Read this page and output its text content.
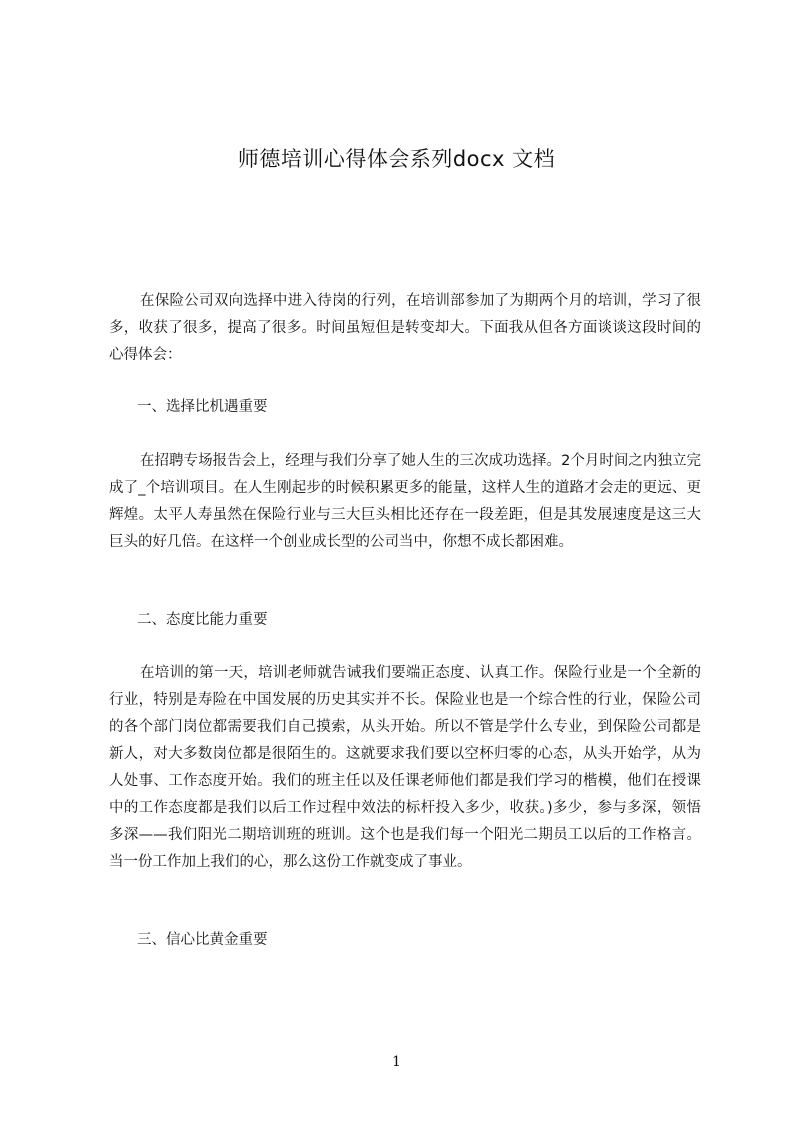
师德培训心得体会系列docx 文档
在保险公司双向选择中进入待岗的行列，在培训部参加了为期两个月的培训，学习了很多，收获了很多，提高了很多。时间虽短但是转变却大。下面我从但各方面谈谈这段时间的心得体会：
一、选择比机遇重要
在招聘专场报告会上，经理与我们分享了她人生的三次成功选择。2个月时间之内独立完成了_个培训项目。在人生刚起步的时候积累更多的能量，这样人生的道路才会走的更远、更辉煌。太平人寿虽然在保险行业与三大巨头相比还存在一段差距，但是其发展速度是这三大巨头的好几倍。在这样一个创业成长型的公司当中，你想不成长都困难。
二、态度比能力重要
在培训的第一天，培训老师就告诫我们要端正态度、认真工作。保险行业是一个全新的行业，特别是寿险在中国发展的历史其实并不长。保险业也是一个综合性的行业，保险公司的各个部门岗位都需要我们自己摸索，从头开始。所以不管是学什么专业，到保险公司都是新人，对大多数岗位都是很陌生的。这就要求我们要以空杯归零的心态，从头开始学，从为人处事、工作态度开始。我们的班主任以及任课老师他们都是我们学习的楷模，他们在授课中的工作态度都是我们以后工作过程中效法的标杆投入多少，收获。)多少，参与多深，领悟多深——我们阳光二期培训班的班训。这个也是我们每一个阳光二期员工以后的工作格言。当一份工作加上我们的心，那么这份工作就变成了事业。
三、信心比黄金重要
1
